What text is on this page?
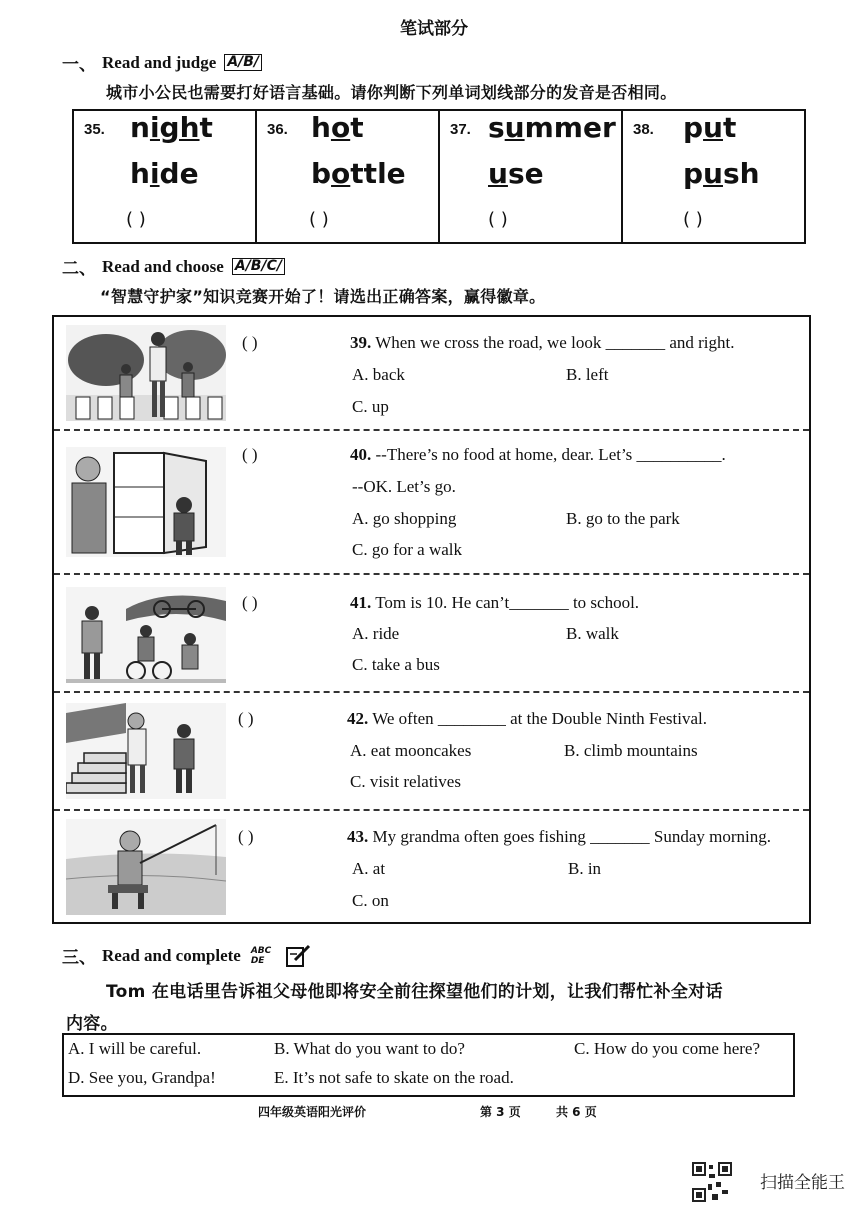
笔试部分
一、 Read and judge A/B/
城市小公民也需要打好语言基础。请你判断下列单词划线部分的发音是否相同。
35. night
hide
( )
36. hot
bottle
( )
37. summer
use
( )
38. put
push
( )
二、 Read and choose A/B/C/
“智慧守护家”知识竞赛开始了！请选出正确答案，赢得徽章。
( )	39. When we cross the road, we look _______ and right.
A. back	B. left
C. up
( )	40. --There’s no food at home, dear. Let’s __________.
--OK. Let’s go.
A. go shopping	B. go to the park
C. go for a walk
( )	41. Tom is 10. He can’t_______ to school.
A. ride	B. walk
C. take a bus
( )	42. We often ________ at the Double Ninth Festival.
A. eat mooncakes	B. climb mountains
C. visit relatives
( )	43. My grandma often goes fishing _______ Sunday morning.
A. at	B. in
C. on
三、 Read and complete ABC DE
Tom 在电话里告诉祖父母他即将安全前往探望他们的计划，让我们帮忙补全对话
内容。
A. I will be careful.	B. What do you want to do?	C. How do you come here?
D. See you, Grandpa!	E. It’s not safe to skate on the road.
四年级英语阳光评价	第 3 页	共 6 页
扫描全能王
